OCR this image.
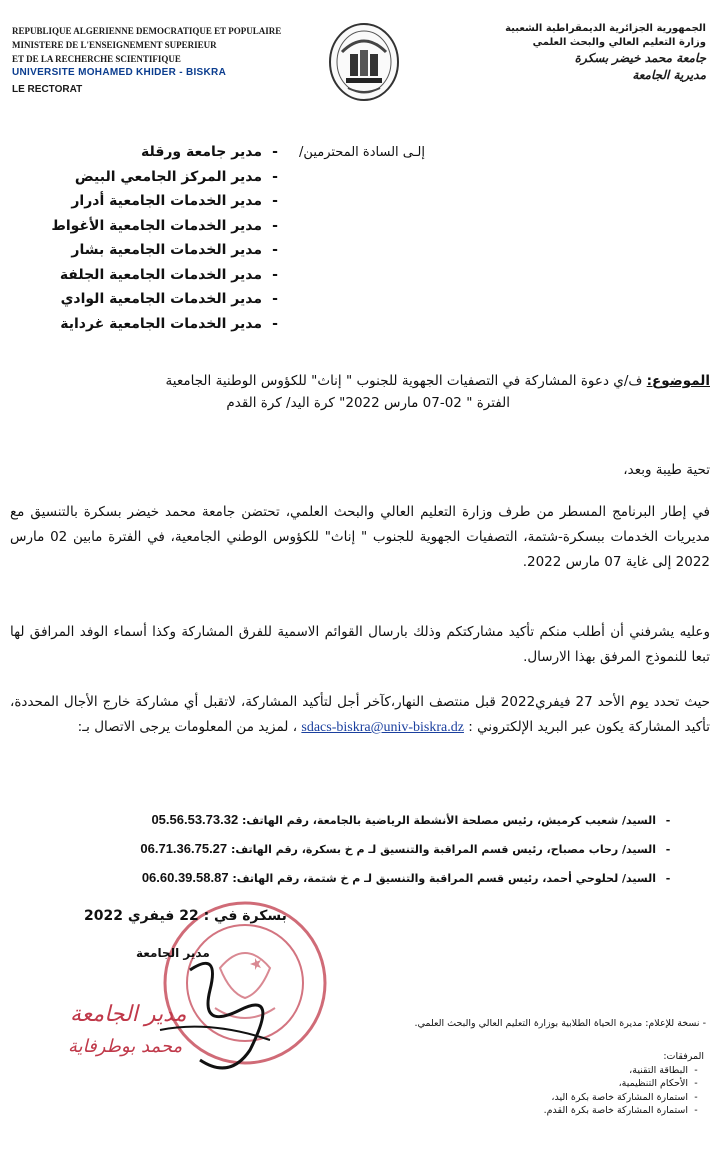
REPUBLIQUE ALGERIENNE DEMOCRATIQUE ET POPULAIRE
MINISTERE DE L'ENSEIGNEMENT SUPERIEUR
ET DE LA RECHERCHE SCIENTIFIQUE
UNIVERSITE MOHAMED KHIDER - BISKRA
LE RECTORAT
الجمهورية الجزائرية الديمقراطية الشعبية
وزارة التعليم العالي والبحث العلمي
جامعة محمد خيضر بسكرة
مديرية الجامعة
إلـى السادة المحترمين/
-مدير جامعة ورقلة
-مدير المركز الجامعي البيض
-مدير الخدمات الجامعية أدرار
-مدير الخدمات الجامعية الأغواط
-مدير الخدمات الجامعية بشار
-مدير الخدمات الجامعية الجلفة
-مدير الخدمات الجامعية الوادي
-مدير الخدمات الجامعية غرداية
الموضوع: ف/ي دعوة المشاركة في التصفيات الجهوية للجنوب " إناث" للكؤوس الوطنية الجامعية
الفترة " 02-07 مارس 2022" كرة اليد/ كرة القدم
تحية طيبة وبعد،
في إطار البرنامج المسطر من طرف وزارة التعليم العالي والبحث العلمي، تحتضن جامعة محمد خيضر بسكرة بالتنسيق مع مديريات الخدمات ببسكرة-شتمة، التصفيات الجهوية للجنوب " إناث" للكؤوس الوطني الجامعية، في الفترة مابين 02 مارس 2022 إلى غاية 07 مارس 2022.
وعليه يشرفني أن أطلب منكم تأكيد مشاركتكم وذلك بارسال القوائم الاسمية للفرق المشاركة وكذا أسماء الوفد المرافق لها تبعا للنموذج المرفق بهذا الارسال.
حيث تحدد يوم الأحد 27 فيفري2022 قبل منتصف النهار،كآخر أجل لتأكيد المشاركة، لاتقبل أي مشاركة خارج الأجال المحددة، تأكيد المشاركة يكون عبر البريد الإلكتروني : sdacs-biskra@univ-biskra.dz ، لمزيد من المعلومات يرجى الاتصال بـ:
-السيد/ شعيب كرميش، رئيس مصلحة الأنشطة الرياضية بالجامعة، رقم الهاتف: 05.56.53.73.32
-السيد/ رحاب مصباح، رئيس قسم المراقبة والتنسيق لـ م خ بسكرة، رقم الهاتف: 06.71.36.75.27
-السيد/ لحلوحي أحمد، رئيس قسم المراقبة والتنسيق لـ م خ شتمة، رقم الهاتف: 06.60.39.58.87
بسكرة في : 22 فيفري 2022
مدير الجامعة
مدير الجامعة
محمد بوطرفاية
- نسخة للإعلام: مديرة الحياة الطلابية بوزارة التعليم العالي والبحث العلمي.
المرفقات:
-البطاقة التقنية،
-الأحكام التنظيمية،
-استمارة المشاركة خاصة بكرة اليد،
-استمارة المشاركة خاصة بكرة القدم.
